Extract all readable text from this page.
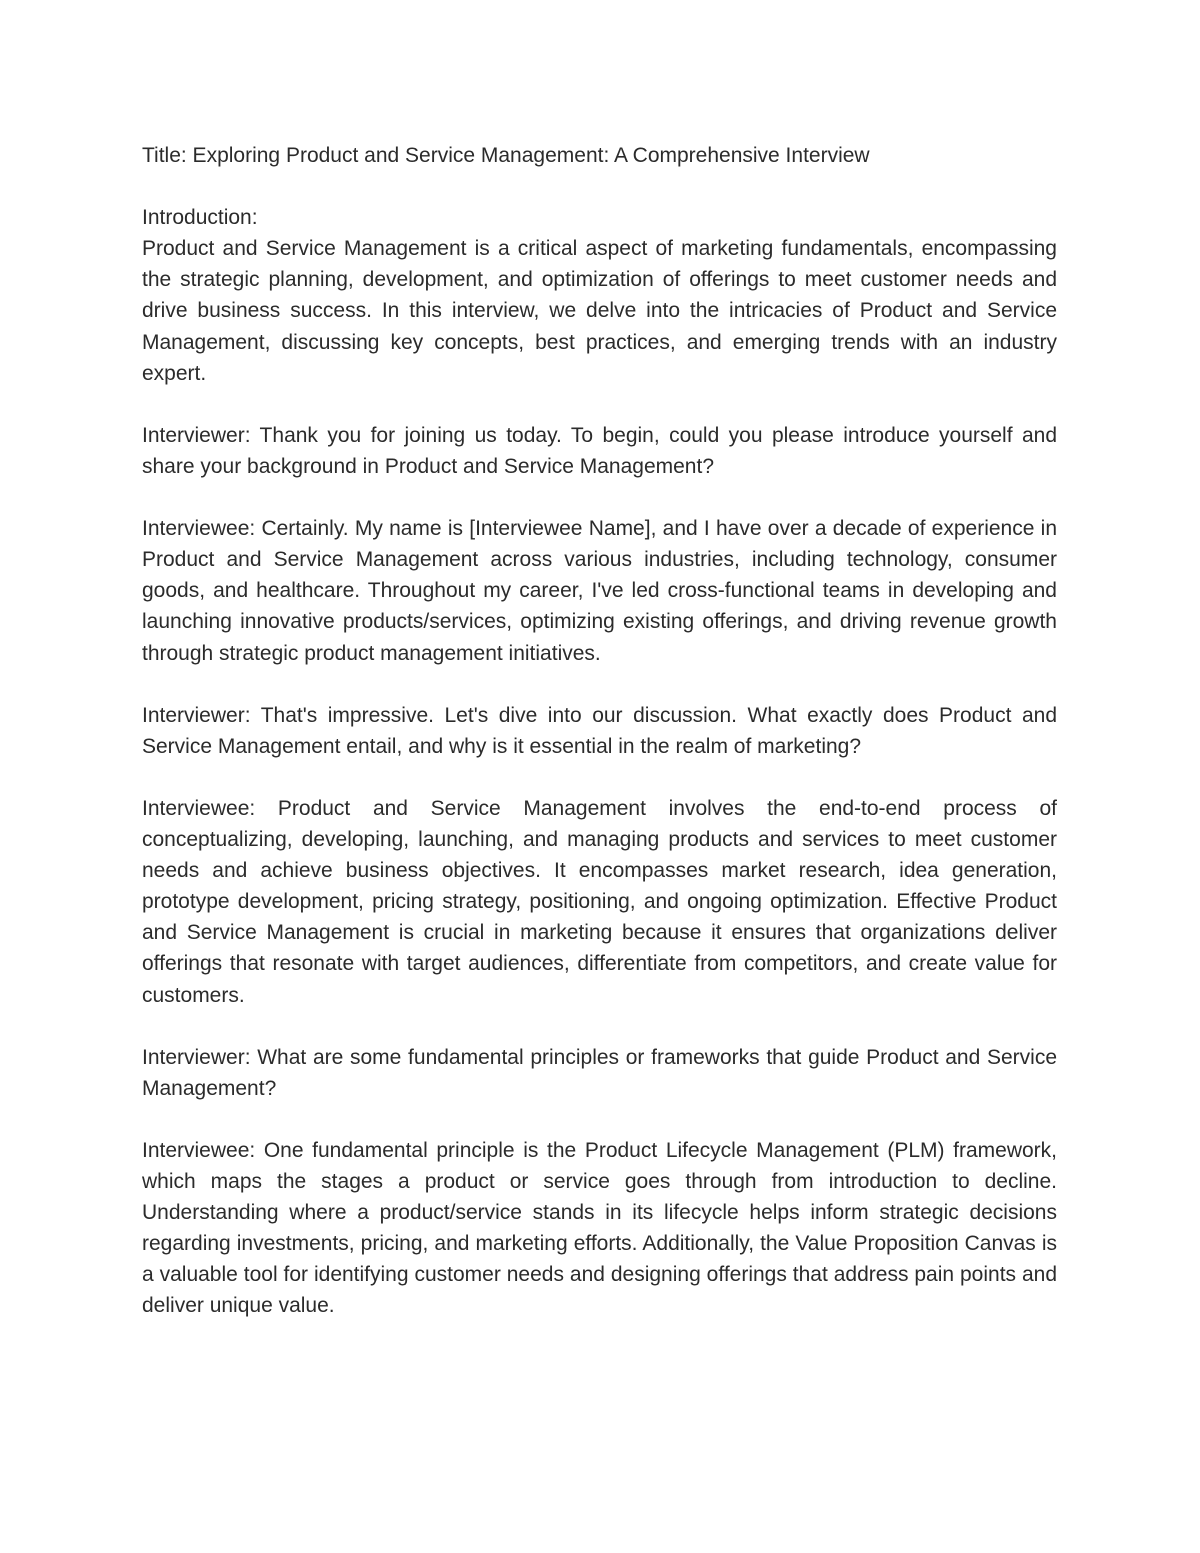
Title: Exploring Product and Service Management: A Comprehensive Interview

Introduction:

Product and Service Management is a critical aspect of marketing fundamentals, encompassing the strategic planning, development, and optimization of offerings to meet customer needs and drive business success. In this interview, we delve into the intricacies of Product and Service Management, discussing key concepts, best practices, and emerging trends with an industry expert.

Interviewer: Thank you for joining us today. To begin, could you please introduce yourself and share your background in Product and Service Management?

Interviewee: Certainly. My name is [Interviewee Name], and I have over a decade of experience in Product and Service Management across various industries, including technology, consumer goods, and healthcare. Throughout my career, I've led cross-functional teams in developing and launching innovative products/services, optimizing existing offerings, and driving revenue growth through strategic product management initiatives.

Interviewer: That's impressive. Let's dive into our discussion. What exactly does Product and Service Management entail, and why is it essential in the realm of marketing?

Interviewee: Product and Service Management involves the end-to-end process of conceptualizing, developing, launching, and managing products and services to meet customer needs and achieve business objectives. It encompasses market research, idea generation, prototype development, pricing strategy, positioning, and ongoing optimization. Effective Product and Service Management is crucial in marketing because it ensures that organizations deliver offerings that resonate with target audiences, differentiate from competitors, and create value for customers.

Interviewer: What are some fundamental principles or frameworks that guide Product and Service Management?

Interviewee: One fundamental principle is the Product Lifecycle Management (PLM) framework, which maps the stages a product or service goes through from introduction to decline. Understanding where a product/service stands in its lifecycle helps inform strategic decisions regarding investments, pricing, and marketing efforts. Additionally, the Value Proposition Canvas is a valuable tool for identifying customer needs and designing offerings that address pain points and deliver unique value.
